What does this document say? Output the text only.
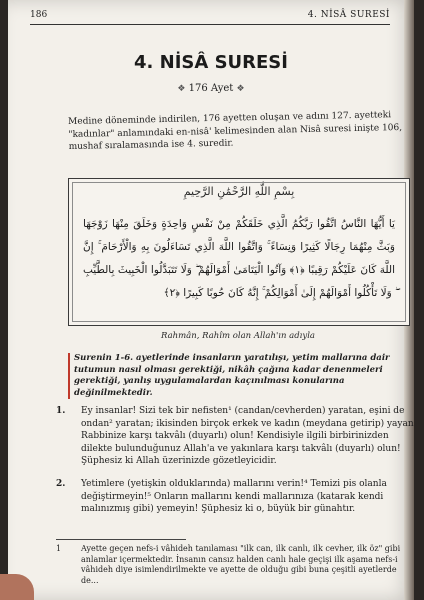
186	4. NİSÂ SURESİ
4. NİSÂ SURESİ
❖ 176 Ayet ❖
Medine döneminde indirilen, 176 ayetten oluşan ve adını 127. ayetteki "kadınlar" anlamındaki en-nisâ' kelimesinden alan Nisâ suresi inişte 106, mushaf sıralamasında ise 4. suredir.
بِسْمِ اللَّهِ الرَّحْمَٰنِ الرَّحِيمِ
يَا أَيُّهَا النَّاسُ اتَّقُوا رَبَّكُمُ الَّذِي خَلَقَكُمْ مِنْ نَفْسٍ وَاحِدَةٍ وَخَلَقَ مِنْهَا زَوْجَهَا وَبَثَّ مِنْهُمَا رِجَالًا كَثِيرًا وَنِسَاءً ۚ وَاتَّقُوا اللَّهَ الَّذِي تَسَاءَلُونَ بِهِ وَالْأَرْحَامَ ۚ إِنَّ اللَّهَ كَانَ عَلَيْكُمْ رَقِيبًا ﴿١﴾ وَآتُوا الْيَتَامَىٰ أَمْوَالَهُمْ ۖ وَلَا تَتَبَدَّلُوا الْخَبِيثَ بِالطَّيِّبِ ۖ وَلَا تَأْكُلُوا أَمْوَالَهُمْ إِلَىٰ أَمْوَالِكُمْ ۚ إِنَّهُ كَانَ حُوبًا كَبِيرًا ﴿٢﴾
Rahmân, Rahîm olan Allah'ın adıyla
Surenin 1-6. ayetlerinde insanların yaratılışı, yetim mallarına dair tutumun nasıl olması gerektiği, nikâh çağına kadar denenmeleri gerektiği, yanlış uygulamalardan kaçınılması konularına değinilmektedir.
1. Ey insanlar! Sizi tek bir nefisten¹ (candan/cevherden) yaratan, eşini de ondan² yaratan; ikisinden birçok erkek ve kadın (meydana getirip) yayan Rabbinize karşı takvâlı (duyarlı) olun! Kendisiyle ilgili birbirinizden dilekte bulunduğunuz Allah'a ve yakınlara karşı takvâlı (duyarlı) olun! Şüphesiz ki Allah üzerinizde gözetleyicidir.
2. Yetimlere (yetişkin olduklarında) mallarını verin!⁴ Temizi pis olanla değiştirmeyin!⁵ Onların mallarını kendi mallarınıza (katarak kendi malınızmış gibi) yemeyin! Şüphesiz ki o, büyük bir günahtır.
1 Ayette geçen nefs-i vâhideh tanılaması "ilk can, ilk canlı, ilk cevher, ilk öz" gibi anlamlar içermektedir. İnsanın cansız halden canlı hale geçişi ilk aşama nefs-i vâhideh diye isimlendirilmekte ve ayette de olduğu gibi buna çeşitli ayetlerde de...
